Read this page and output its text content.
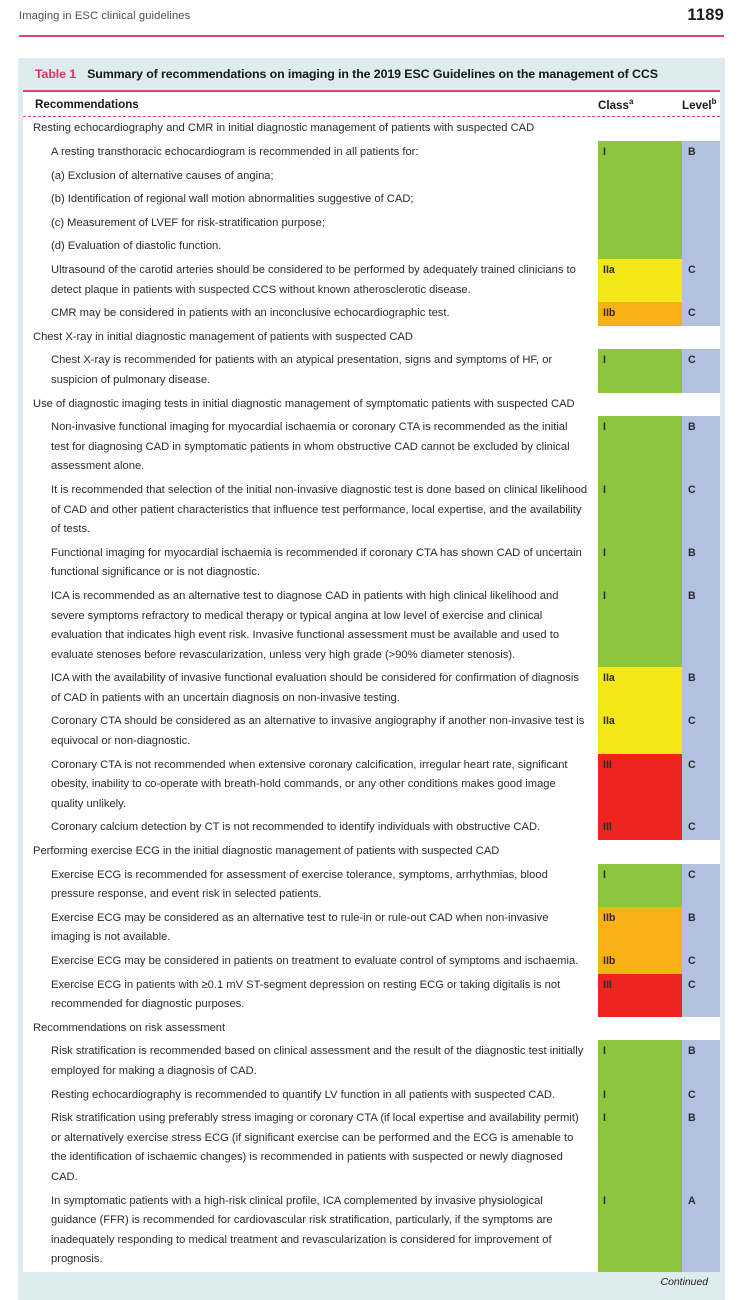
Imaging in ESC clinical guidelines	1189
Table 1 Summary of recommendations on imaging in the 2019 ESC Guidelines on the management of CCS
Recommendations	Class$^a$	Level$^b$
Resting echocardiography and CMR in initial diagnostic management of patients with suspected CAD
A resting transthoracic echocardiogram is recommended in all patients for:	I	B
(a) Exclusion of alternative causes of angina;
(b) Identification of regional wall motion abnormalities suggestive of CAD;
(c) Measurement of LVEF for risk-stratification purpose;
(d) Evaluation of diastolic function.
Ultrasound of the carotid arteries should be considered to be performed by adequately trained clinicians to detect plaque in patients with suspected CCS without known atherosclerotic disease.
IIa	C
CMR may be considered in patients with an inconclusive echocardiographic test.	IIb	C
Chest X-ray in initial diagnostic management of patients with suspected CAD
Chest X-ray is recommended for patients with an atypical presentation, signs and symptoms of HF, or suspicion of pulmonary disease.
I	C
Use of diagnostic imaging tests in initial diagnostic management of symptomatic patients with suspected CAD
Non-invasive functional imaging for myocardial ischaemia or coronary CTA is recommended as the initial test for diagnosing CAD in symptomatic patients in whom obstructive CAD cannot be excluded by clinical assessment alone.
I	B
It is recommended that selection of the initial non-invasive diagnostic test is done based on clinical likelihood of CAD and other patient characteristics that influence test performance, local expertise, and the availability of tests.
I	C
Functional imaging for myocardial ischaemia is recommended if coronary CTA has shown CAD of uncertain functional significance or is not diagnostic.
I	B
ICA is recommended as an alternative test to diagnose CAD in patients with high clinical likelihood and severe symptoms refractory to medical therapy or typical angina at low level of exercise and clinical evaluation that indicates high event risk. Invasive functional assessment must be available and used to evaluate stenoses before revascularization, unless very high grade (>90% diameter stenosis).
I	B
ICA with the availability of invasive functional evaluation should be considered for confirmation of diagnosis of CAD in patients with an uncertain diagnosis on non-invasive testing.
IIa	B
Coronary CTA should be considered as an alternative to invasive angiography if another non-invasive test is equivocal or non-diagnostic.
IIa	C
Coronary CTA is not recommended when extensive coronary calcification, irregular heart rate, significant obesity, inability to co-operate with breath-hold commands, or any other conditions makes good image quality unlikely.
III	C
Coronary calcium detection by CT is not recommended to identify individuals with obstructive CAD.	III	C
Performing exercise ECG in the initial diagnostic management of patients with suspected CAD
Exercise ECG is recommended for assessment of exercise tolerance, symptoms, arrhythmias, blood pressure response, and event risk in selected patients.
I	C
Exercise ECG may be considered as an alternative test to rule-in or rule-out CAD when non-invasive imaging is not available.
IIb	B
Exercise ECG may be considered in patients on treatment to evaluate control of symptoms and ischaemia.	IIb	C
Exercise ECG in patients with ≥0.1 mV ST-segment depression on resting ECG or taking digitalis is not recommended for diagnostic purposes.
III	C
Recommendations on risk assessment
Risk stratification is recommended based on clinical assessment and the result of the diagnostic test initially employed for making a diagnosis of CAD.
I	B
Resting echocardiography is recommended to quantify LV function in all patients with suspected CAD.	I	C
Risk stratification using preferably stress imaging or coronary CTA (if local expertise and availability permit) or alternatively exercise stress ECG (if significant exercise can be performed and the ECG is amenable to the identification of ischaemic changes) is recommended in patients with suspected or newly diagnosed CAD.
I	B
In symptomatic patients with a high-risk clinical profile, ICA complemented by invasive physiological guidance (FFR) is recommended for cardiovascular risk stratification, particularly, if the symptoms are inadequately responding to medical treatment and revascularization is considered for improvement of prognosis.
I	A
Continued
